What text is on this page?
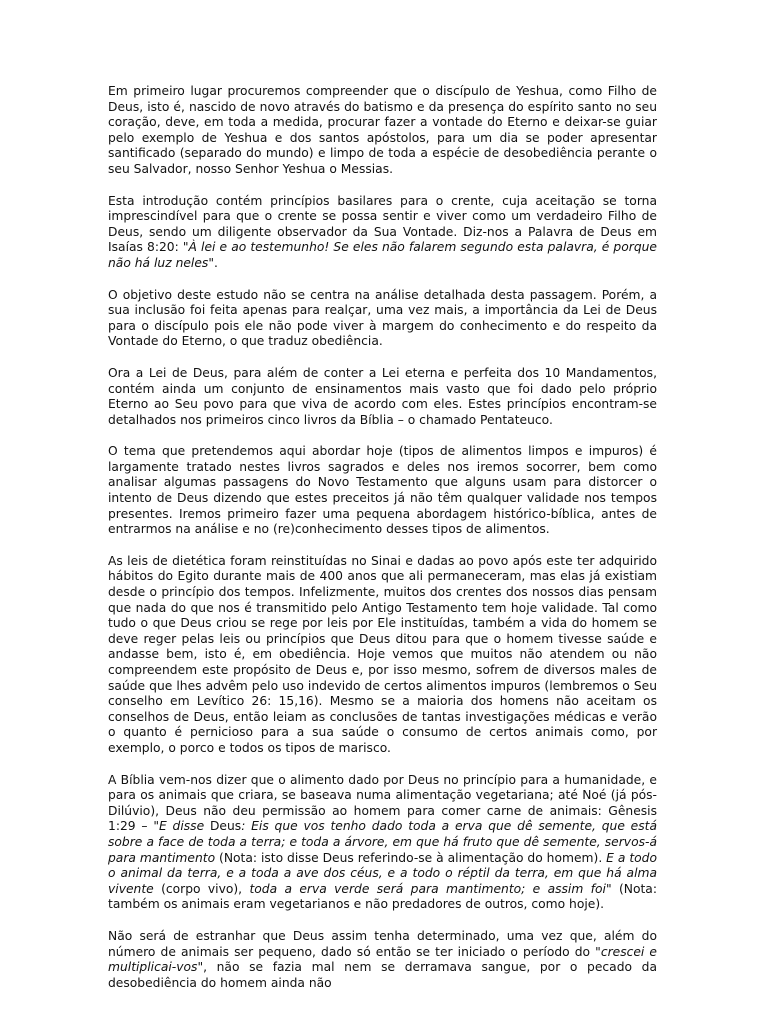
Em primeiro lugar procuremos compreender que o discípulo de Yeshua, como Filho de Deus, isto é, nascido de novo através do batismo e da presença do espírito santo no seu coração, deve, em toda a medida, procurar fazer a vontade do Eterno e deixar-se guiar pelo exemplo de Yeshua e dos santos apóstolos, para um dia se poder apresentar santificado (separado do mundo) e limpo de toda a espécie de desobediência perante o seu Salvador, nosso Senhor Yeshua o Messias.

Esta introdução contém princípios basilares para o crente, cuja aceitação se torna imprescindível para que o crente se possa sentir e viver como um verdadeiro Filho de Deus, sendo um diligente observador da Sua Vontade. Diz-nos a Palavra de Deus em Isaías 8:20: "À lei e ao testemunho! Se eles não falarem segundo esta palavra, é porque não há luz neles".

O objetivo deste estudo não se centra na análise detalhada desta passagem. Porém, a sua inclusão foi feita apenas para realçar, uma vez mais, a importância da Lei de Deus para o discípulo pois ele não pode viver à margem do conhecimento e do respeito da Vontade do Eterno, o que traduz obediência.

Ora a Lei de Deus, para além de conter a Lei eterna e perfeita dos 10 Mandamentos, contém ainda um conjunto de ensinamentos mais vasto que foi dado pelo próprio Eterno ao Seu povo para que viva de acordo com eles. Estes princípios encontram-se detalhados nos primeiros cinco livros da Bíblia – o chamado Pentateuco.

O tema que pretendemos aqui abordar hoje (tipos de alimentos limpos e impuros) é largamente tratado nestes livros sagrados e deles nos iremos socorrer, bem como analisar algumas passagens do Novo Testamento que alguns usam para distorcer o intento de Deus dizendo que estes preceitos já não têm qualquer validade nos tempos presentes. Iremos primeiro fazer uma pequena abordagem histórico-bíblica, antes de entrarmos na análise e no (re)conhecimento desses tipos de alimentos.

As leis de dietética foram reinstituídas no Sinai e dadas ao povo após este ter adquirido hábitos do Egito durante mais de 400 anos que ali permaneceram, mas elas já existiam desde o princípio dos tempos. Infelizmente, muitos dos crentes dos nossos dias pensam que nada do que nos é transmitido pelo Antigo Testamento tem hoje validade. Tal como tudo o que Deus criou se rege por leis por Ele instituídas, também a vida do homem se deve reger pelas leis ou princípios que Deus ditou para que o homem tivesse saúde e andasse bem, isto é, em obediência. Hoje vemos que muitos não atendem ou não compreendem este propósito de Deus e, por isso mesmo, sofrem de diversos males de saúde que lhes advêm pelo uso indevido de certos alimentos impuros (lembremos o Seu conselho em Levítico 26: 15,16). Mesmo se a maioria dos homens não aceitam os conselhos de Deus, então leiam as conclusões de tantas investigações médicas e verão o quanto é pernicioso para a sua saúde o consumo de certos animais como, por exemplo, o porco e todos os tipos de marisco.

A Bíblia vem-nos dizer que o alimento dado por Deus no princípio para a humanidade, e para os animais que criara, se baseava numa alimentação vegetariana; até Noé (já pós-Dilúvio), Deus não deu permissão ao homem para comer carne de animais: Gênesis 1:29 – "E disse Deus: Eis que vos tenho dado toda a erva que dê semente, que está sobre a face de toda a terra; e toda a árvore, em que há fruto que dê semente, servos-á para mantimento (Nota: isto disse Deus referindo-se à alimentação do homem). E a todo o animal da terra, e a toda a ave dos céus, e a todo o réptil da terra, em que há alma vivente (corpo vivo), toda a erva verde será para mantimento; e assim foi" (Nota: também os animais eram vegetarianos e não predadores de outros, como hoje).

Não será de estranhar que Deus assim tenha determinado, uma vez que, além do número de animais ser pequeno, dado só então se ter iniciado o período do "crescei e multiplicai-vos", não se fazia mal nem se derramava sangue, por o pecado da desobediência do homem ainda não
